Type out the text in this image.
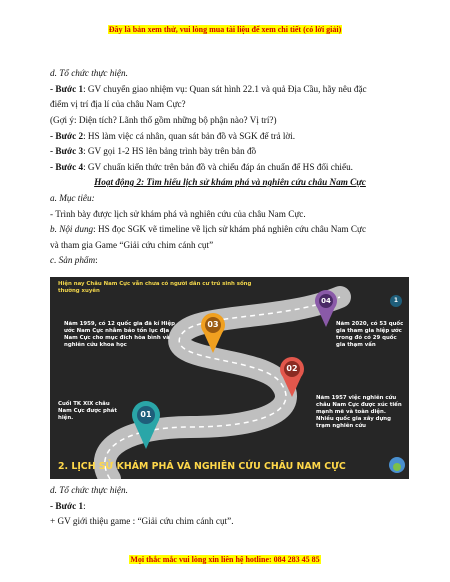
Đây là bản xem thử, vui lòng mua tài liệu để xem chi tiết (có lời giải)
d. Tổ chức thực hiện.
- Bước 1: GV chuyển giao nhiệm vụ: Quan sát hình 22.1 và quả Địa Cầu, hãy nêu đặc
điểm vị trí địa lí của châu Nam Cực?
(Gợi ý: Diện tích? Lãnh thổ gồm những bộ phận nào? Vị trí?)
- Bước 2: HS làm việc cá nhân, quan sát bản đồ và SGK để trả lời.
- Bước 3: GV gọi 1-2 HS lên bảng trình bày trên bản đồ
- Bước 4: GV chuẩn kiến thức trên bản đồ và chiếu đáp án chuẩn để HS đối chiếu.
Hoạt động 2: Tìm hiểu lịch sử khám phá và nghiên cứu châu Nam Cực
a. Mục tiêu:
- Trình bày được lịch sử khám phá và nghiên cứu của châu Nam Cực.
b. Nội dung: HS đọc SGK vẽ timeline về lịch sử khám phá nghiên cứu châu Nam Cực
và tham gia Game “Giải cứu chim cánh cụt”
c. Sản phẩm:
01
02
03
04	1
Hiện nay Châu Nam Cực vẫn chưa có người dân cư trú sinh sống thường xuyên
Năm 1959, có 12 quốc gia đã kí Hiệp ước Nam Cực nhằm bảo tồn lục địa Nam Cực cho mục đích hòa bình và nghiên cứu khoa học
Cuối TK XIX châu Nam Cực được phát hiện.
Năm 2020, có 53 quốc gia tham gia hiệp ước trong đó có 29 quốc gia thạm vấn
Năm 1957 việc nghiên cứu châu Nam Cực được xúc tiến mạnh mẽ và toàn diện. Nhiều quốc gia xây dựng trạm nghiên cứu
2. LỊCH SỬ KHÁM PHÁ VÀ NGHIÊN CỨU CHÂU NAM CỰC
d. Tổ chức thực hiện.
- Bước 1:
+ GV giới thiệu game : “Giải cứu chim cánh cụt”.
Mọi thắc mắc vui lòng xin liên hệ hotline: 084 283 45 85
